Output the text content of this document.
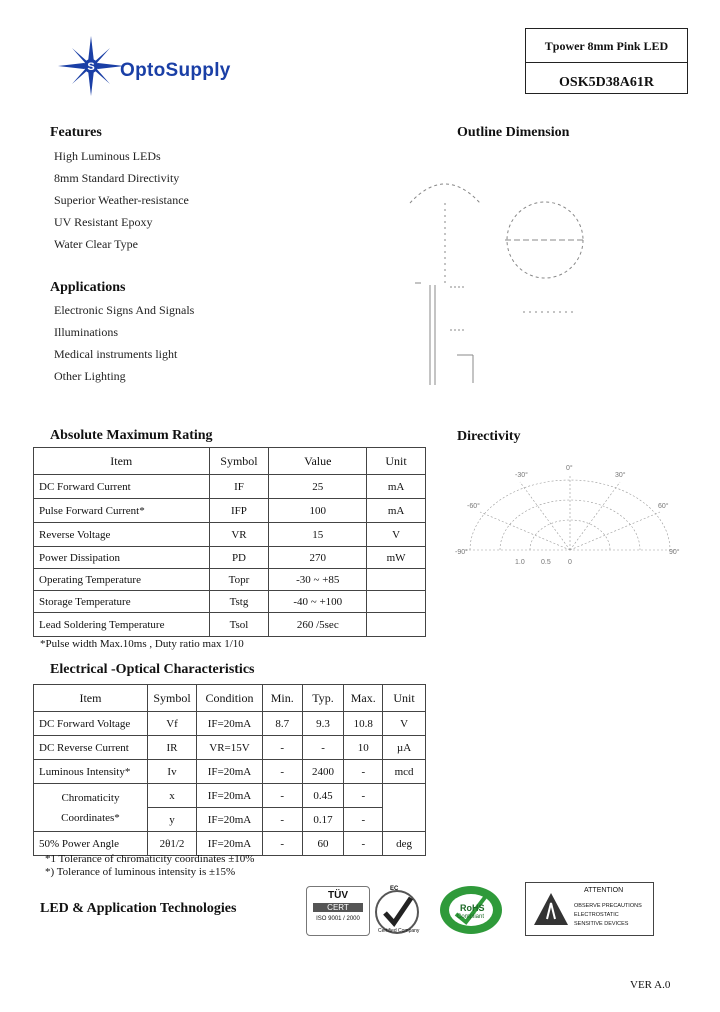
S OptoSupply
Tpower 8mm Pink LED
OSK5D38A61R
Features
High Luminous LEDs
8mm Standard Directivity
Superior Weather-resistance
UV Resistant Epoxy
Water Clear Type
Applications
Electronic Signs And Signals
Illuminations
Medical instruments light
Other Lighting
Outline Dimension
Directivity
-30°
0°
30°
-60°	60°
-90°	90°
1.0 0.5 0
Absolute Maximum Rating
Item	Symbol	Value	Unit
DC Forward Current	IF	25	mA
Pulse Forward Current*	IFP	100	mA
Reverse Voltage	VR	15	V
Power Dissipation	PD	270	mW
Operating Temperature	Topr	-30 ~ +85	
Storage Temperature	Tstg	-40 ~ +100	
Lead Soldering Temperature	Tsol	260 /5sec	
*Pulse width Max.10ms , Duty ratio max 1/10
Electrical -Optical Characteristics
Item	Symbol	Condition	Min.	Typ.	Max.	Unit
DC Forward Voltage	Vf	IF=20mA	8.7	9.3	10.8	V
DC Reverse Current	IR	VR=15V	-	-	10	µA
Luminous Intensity*	Iv	IF=20mA	-	2400	-	mcd

Chromaticity
Coordinates*	x	IF=20mA	-	0.45	-	
	y	IF=20mA	-	0.17	-	
50% Power Angle	2θ1/2	IF=20mA	-	60	-	deg
*1 Tolerance of chromaticity coordinates ±10%
*) Tolerance of luminous intensity is ±15%
LED & Application Technologies
TÜV
CERT
ISO 9001 / 2000
EC
Certified Company
RoHS
Compliant
ATTENTION
OBSERVE PRECAUTIONS
ELECTROSTATIC
SENSITIVE DEVICES
VER A.0
